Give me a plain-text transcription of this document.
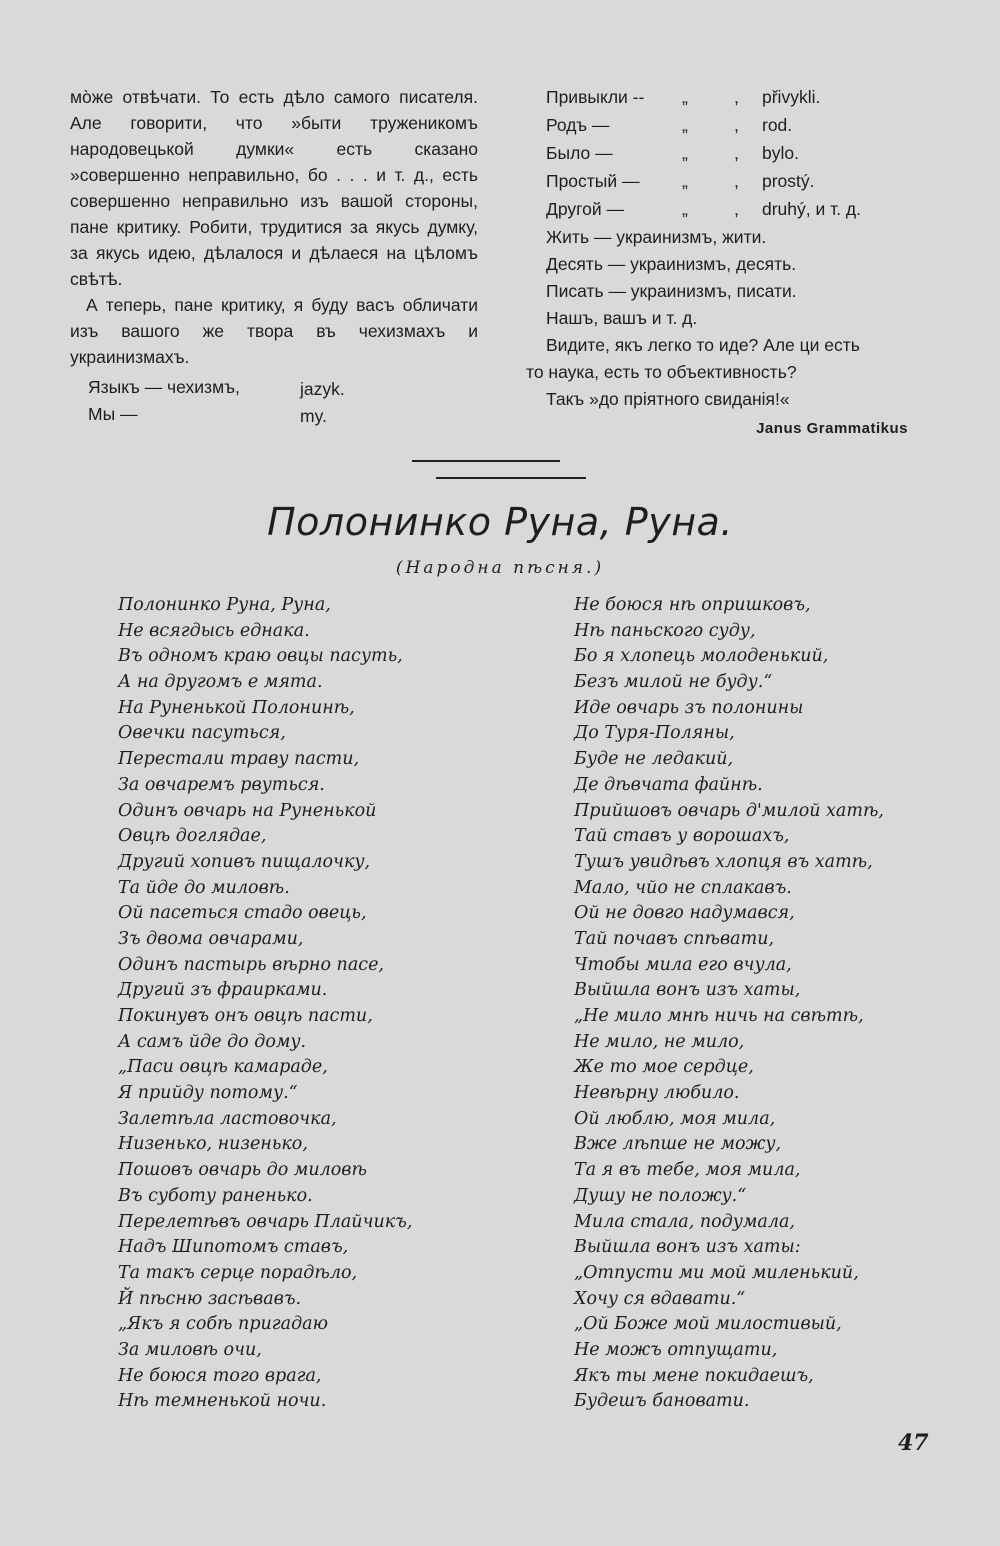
мо̀же отвѣчати. То есть дѣло самого писателя. Але говорити, что »быти труженикомъ народовецькой думки« есть сказано »совершенно неправильно, бо . . . и т. д., есть совершенно неправильно изъ вашой стороны, пане критику. Робити, трудитися за якусь думку, за якусь идею, дѣлалося и дѣлаеся на цѣломъ свѣтѣ.

А теперь, пане критику, я буду васъ обличати изъ вашого же твора въ чехизмахъ и украинизмахъ.

Языкъ — чехизмъ,	jazyk.
Мы —	my.
Привыкли -- „	, přivykli.
Родъ —	„	, rod.
Было —	„	, bylo.
Простый — „	, prostý.
Другой —	„	, druhý, и т. д.
Жить — украинизмъ, жити.
Десять — украинизмъ, десять.
Писать — украинизмъ, писати.
Нашъ, вашъ и т. д.
Видите, якъ легко то иде? Але ци есть
то наука, есть то объективность?
Такъ »до пріятного свиданія!«
Janus Grammatikus
Полонинко Руна, Руна.
(Народна пѣсня.)
Полонинко Руна, Руна,
Не всягдысь еднака.
Въ одномъ краю овцы пасуть,
А на другомъ е мята.
На Руненькой Полонинѣ,
Овечки пасуться,
Перестали траву пасти,
За овчаремъ рвуться.
Одинъ овчарь на Руненькой
Овцѣ доглядае,
Другий хопивъ пищалочку,
Та йде до миловѣ.
Ой пасеться стадо овець,
Зъ двома овчарами,
Одинъ пастырь вѣрно пасе,
Другий зъ фраирками.
Покинувъ онъ овцѣ пасти,
А самъ йде до дому.
„Паси овцѣ камараде,
Я прийду потому.“
Залетѣла ластовочка,
Низенько, низенько,
Пошовъ овчарь до миловѣ
Въ суботу раненько.
Перелетѣвъ овчарь Плайчикъ,
Надъ Шипотомъ ставъ,
Та такъ серце порадѣло,
Й пѣсню засѣвавъ.
„Якъ я собѣ пригадаю
За миловѣ очи,
Не боюся того врага,
Нѣ темненькой ночи.
Не боюся нѣ опришковъ,
Нѣ паньского суду,
Бо я хлопець молоденький,
Безъ милой не буду.“
Иде овчарь зъ полонины
До Туря-Поляны,
Буде не ледакий,
Де дѣвчата файнѣ.
Прийшовъ овчарь д'милой хатѣ,
Тай ставъ у ворошахъ,
Тушъ увидѣвъ хлопця въ хатѣ,
Мало, чйо не сплакавъ.
Ой не довго надумався,
Тай почавъ спѣвати,
Чтобы мила его вчула,
Выйшла вонъ изъ хаты,
„Не мило мнѣ ничь на свѣтѣ,
Не мило, не мило,
Же то мое сердце,
Невѣрну любило.
Ой люблю, моя мила,
Вже лѣпше не можу,
Та я въ тебе, моя мила,
Душу не положу.“
Мила стала, подумала,
Выйшла вонъ изъ хаты:
„Отпусти ми мой миленький,
Хочу ся вдавати.“
„Ой Боже мой милостивый,
Не можъ отпущати,
Якъ ты мене покидаешъ,
Будешъ бановати.
47
